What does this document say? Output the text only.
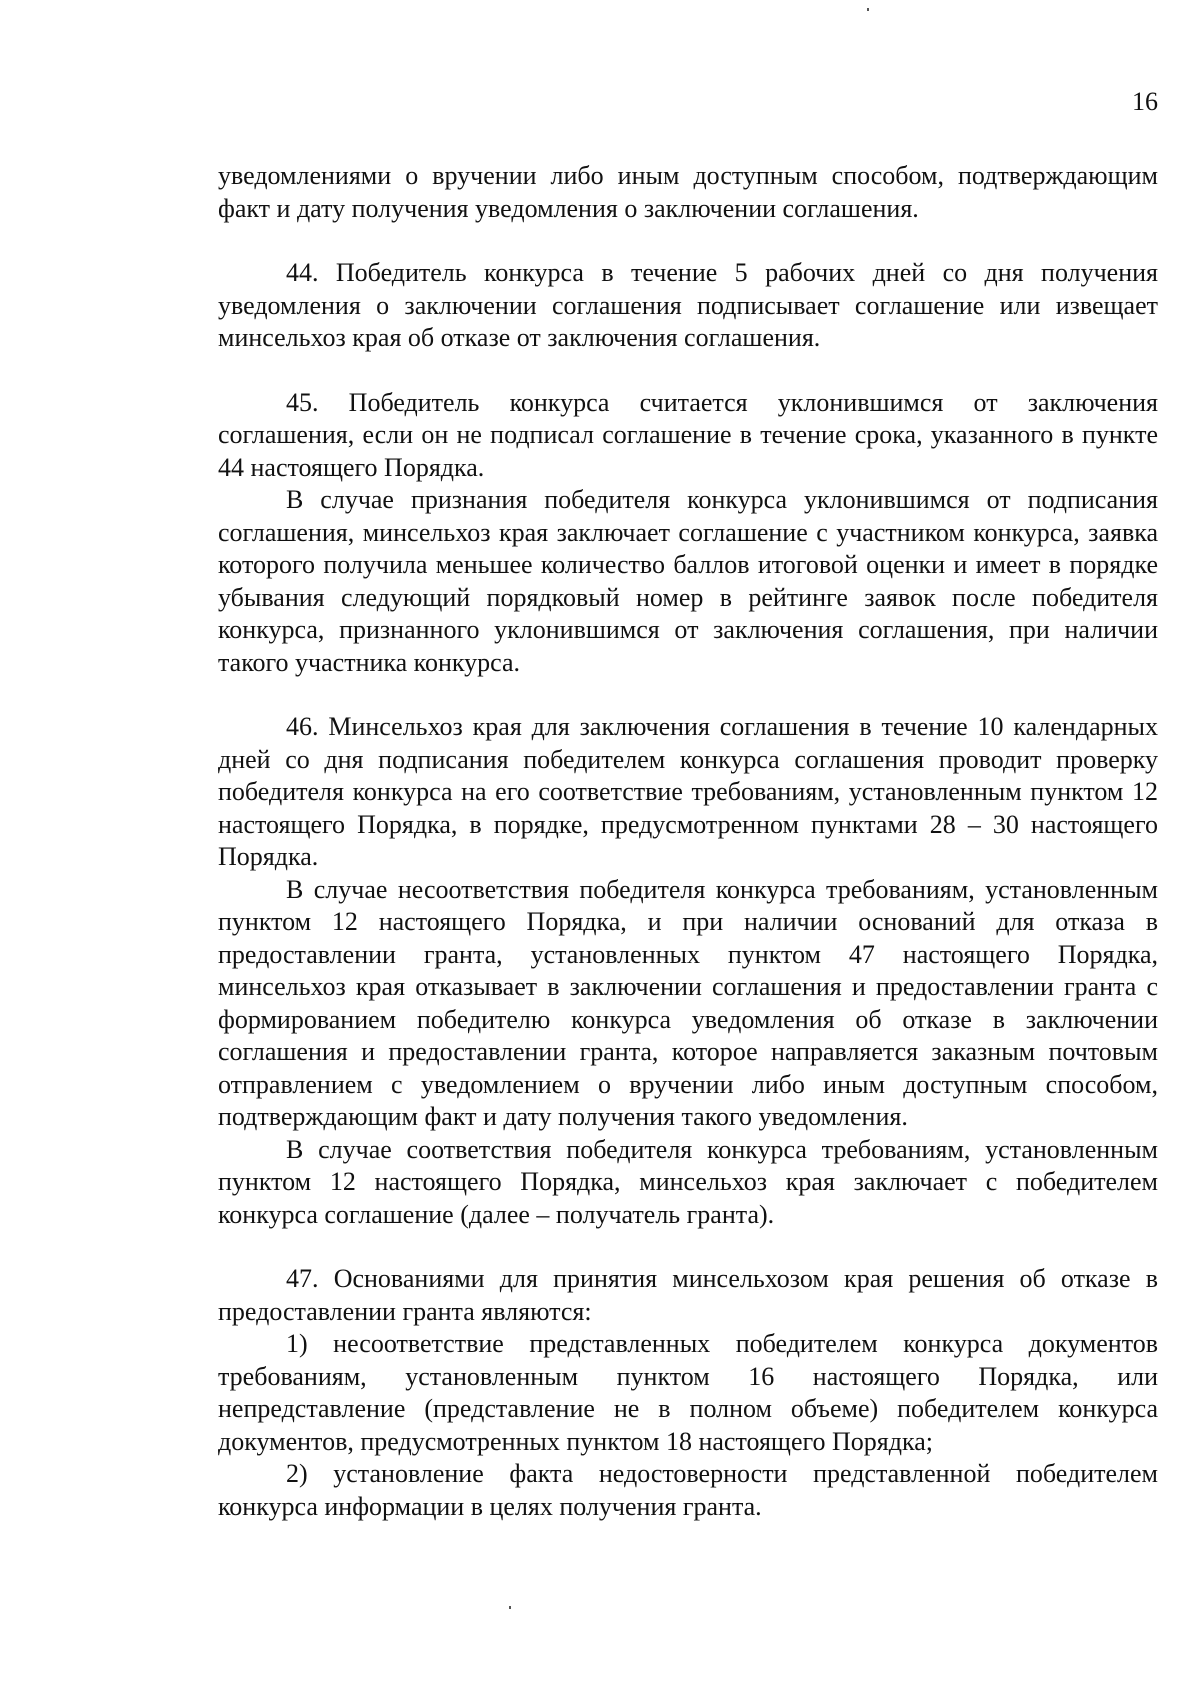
16

уведомлениями о вручении либо иным доступным способом, подтверждающим факт и дату получения уведомления о заключении соглашения.

44. Победитель конкурса в течение 5 рабочих дней со дня получения уведомления о заключении соглашения подписывает соглашение или извещает минсельхоз края об отказе от заключения соглашения.

45. Победитель конкурса считается уклонившимся от заключения соглашения, если он не подписал соглашение в течение срока, указанного в пункте 44 настоящего Порядка.

В случае признания победителя конкурса уклонившимся от подписания соглашения, минсельхоз края заключает соглашение с участником конкурса, заявка которого получила меньшее количество баллов итоговой оценки и имеет в порядке убывания следующий порядковый номер в рейтинге заявок после победителя конкурса, признанного уклонившимся от заключения соглашения, при наличии такого участника конкурса.

46. Минсельхоз края для заключения соглашения в течение 10 календарных дней со дня подписания победителем конкурса соглашения проводит проверку победителя конкурса на его соответствие требованиям, установленным пунктом 12 настоящего Порядка, в порядке, предусмотренном пунктами 28 – 30 настоящего Порядка.

В случае несоответствия победителя конкурса требованиям, установленным пунктом 12 настоящего Порядка, и при наличии оснований для отказа в предоставлении гранта, установленных пунктом 47 настоящего Порядка, минсельхоз края отказывает в заключении соглашения и предоставлении гранта с формированием победителю конкурса уведомления об отказе в заключении соглашения и предоставлении гранта, которое направляется заказным почтовым отправлением с уведомлением о вручении либо иным доступным способом, подтверждающим факт и дату получения такого уведомления.

В случае соответствия победителя конкурса требованиям, установленным пунктом 12 настоящего Порядка, минсельхоз края заключает с победителем конкурса соглашение (далее – получатель гранта).

47. Основаниями для принятия минсельхозом края решения об отказе в предоставлении гранта являются:

1) несоответствие представленных победителем конкурса документов требованиям, установленным пунктом 16 настоящего Порядка, или непредставление (представление не в полном объеме) победителем конкурса документов, предусмотренных пунктом 18 настоящего Порядка;

2) установление факта недостоверности представленной победителем конкурса информации в целях получения гранта.
